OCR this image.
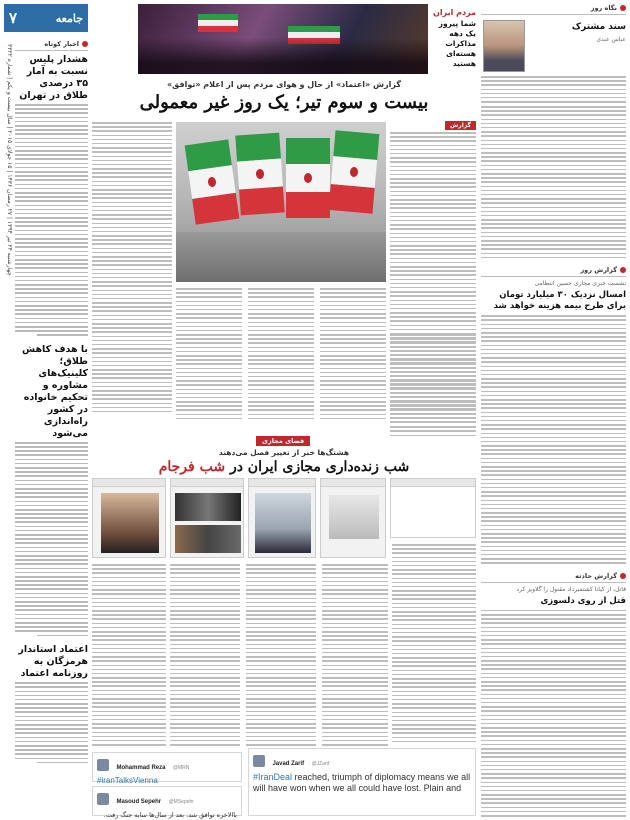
جامعه
۷
چهارشنبه ۲۴ تیر ۱۳۹۴ | ۲۷ رمضان ۱۴۳۶ | ۱۵ جولای ۲۰۱۵ | سال بیست و یکم | شماره ۳۳۲۲
اخبار کوتاه
هشدار پلیس نسبت به آمار ۳۵ درصدی طلاق در تهران
با هدف کاهش طلاق؛ کلینیک‌های مشاوره و تحکیم خانواده در کشور راه‌اندازی می‌شود
اعتماد استاندار هرمزگان به روزنامه اعتماد
مردم ایران
شما پیروز یک دهه مذاکرات هسته‌ای هستید
گزارش «اعتماد» از حال و هوای مردم پس از اعلام «توافق»
بیست و سوم تیر؛ یک روز غیر معمولی
گزارش
فضای مجازی
هشتگ‌ها خبر از تغییر فصل می‌دهند
شب زنده‌داری مجازی ایران در شب فرجام
Mohammad Reza @MRN
#iranTalksVienna
Masoud Sepehr @MSepehr
باالاخره توافق شد. بعد از سال‌ها سایه جنگ رفت.
Javad Zarif @JZarif
#IranDeal reached, triumph of diplomacy means we all will have won when we all could have lost. Plain and
نگاه روز
سند مشترک
عباس عبدی
گزارش روز
نشست خبری مجازی حسین انتظامی
امسال نزدیک ۳۰ میلیارد تومان برای طرح بیمه هزینه خواهد شد
گزارش حادثه
قاتل، از کیانا کشتمیرداد مقتول را گلاویز کرد
قتل از روی دلسوزی
